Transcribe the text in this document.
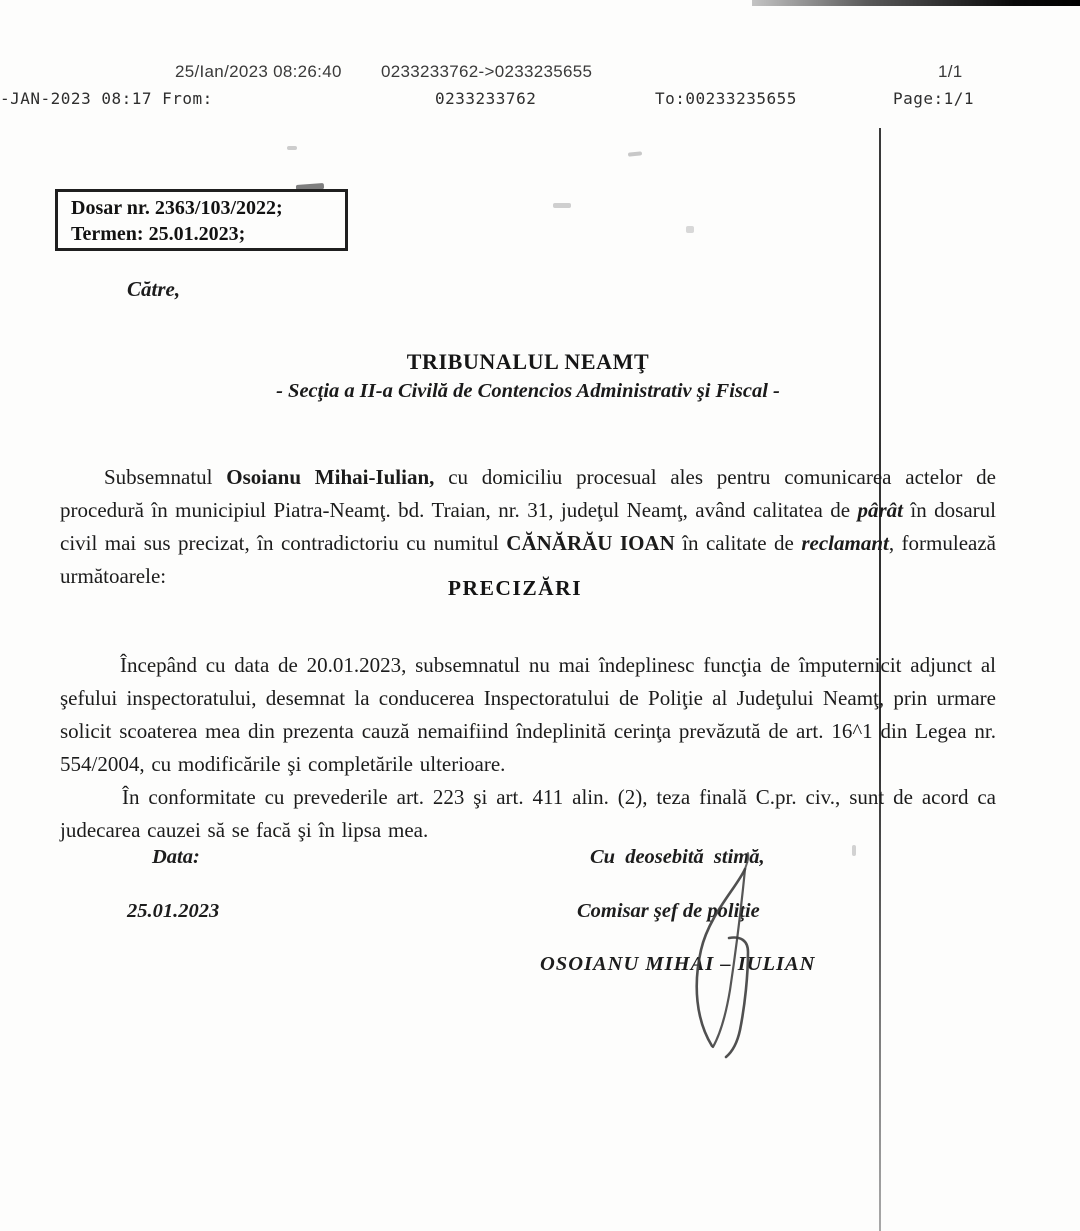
25/Ian/2023 08:26:40 0233233762->0233235655	1/1
-JAN-2023 08:17 From:	0233233762	To:00233235655	Page:1/1
Dosar nr. 2363/103/2022;
Termen: 25.01.2023;
Către,
TRIBUNALUL NEAMŢ
- Secţia a II-a Civilă de Contencios Administrativ şi Fiscal -

Subsemnatul Osoianu Mihai-Iulian, cu domiciliu procesual ales pentru comunicarea actelor de procedură în municipiul Piatra-Neamţ. bd. Traian, nr. 31, judeţul Neamţ, având calitatea de pârât în dosarul civil mai sus precizat, în contradictoriu cu numitul CĂNĂRĂU IOAN în calitate de reclamant, formulează următoarele:	PRECIZĂRI

Începând cu data de 20.01.2023, subsemnatul nu mai îndeplinesc funcţia de împuternicit adjunct al şefului inspectoratului, desemnat la conducerea Inspectoratului de Poliţie al Judeţului Neamţ, prin urmare solicit scoaterea mea din prezenta cauză nemaifiind îndeplinită cerinţa prevăzută de art. 16^1 din Legea nr. 554/2004, cu modificările şi completările ulterioare.

În conformitate cu prevederile art. 223 şi art. 411 alin. (2), teza finală C.pr. civ., sunt de acord ca judecarea cauzei să se facă şi în lipsa mea.

Data:	Cu deosebită stimă,
25.01.2023	Comisar şef de poliţie
OSOIANU MIHAI – IULIAN
